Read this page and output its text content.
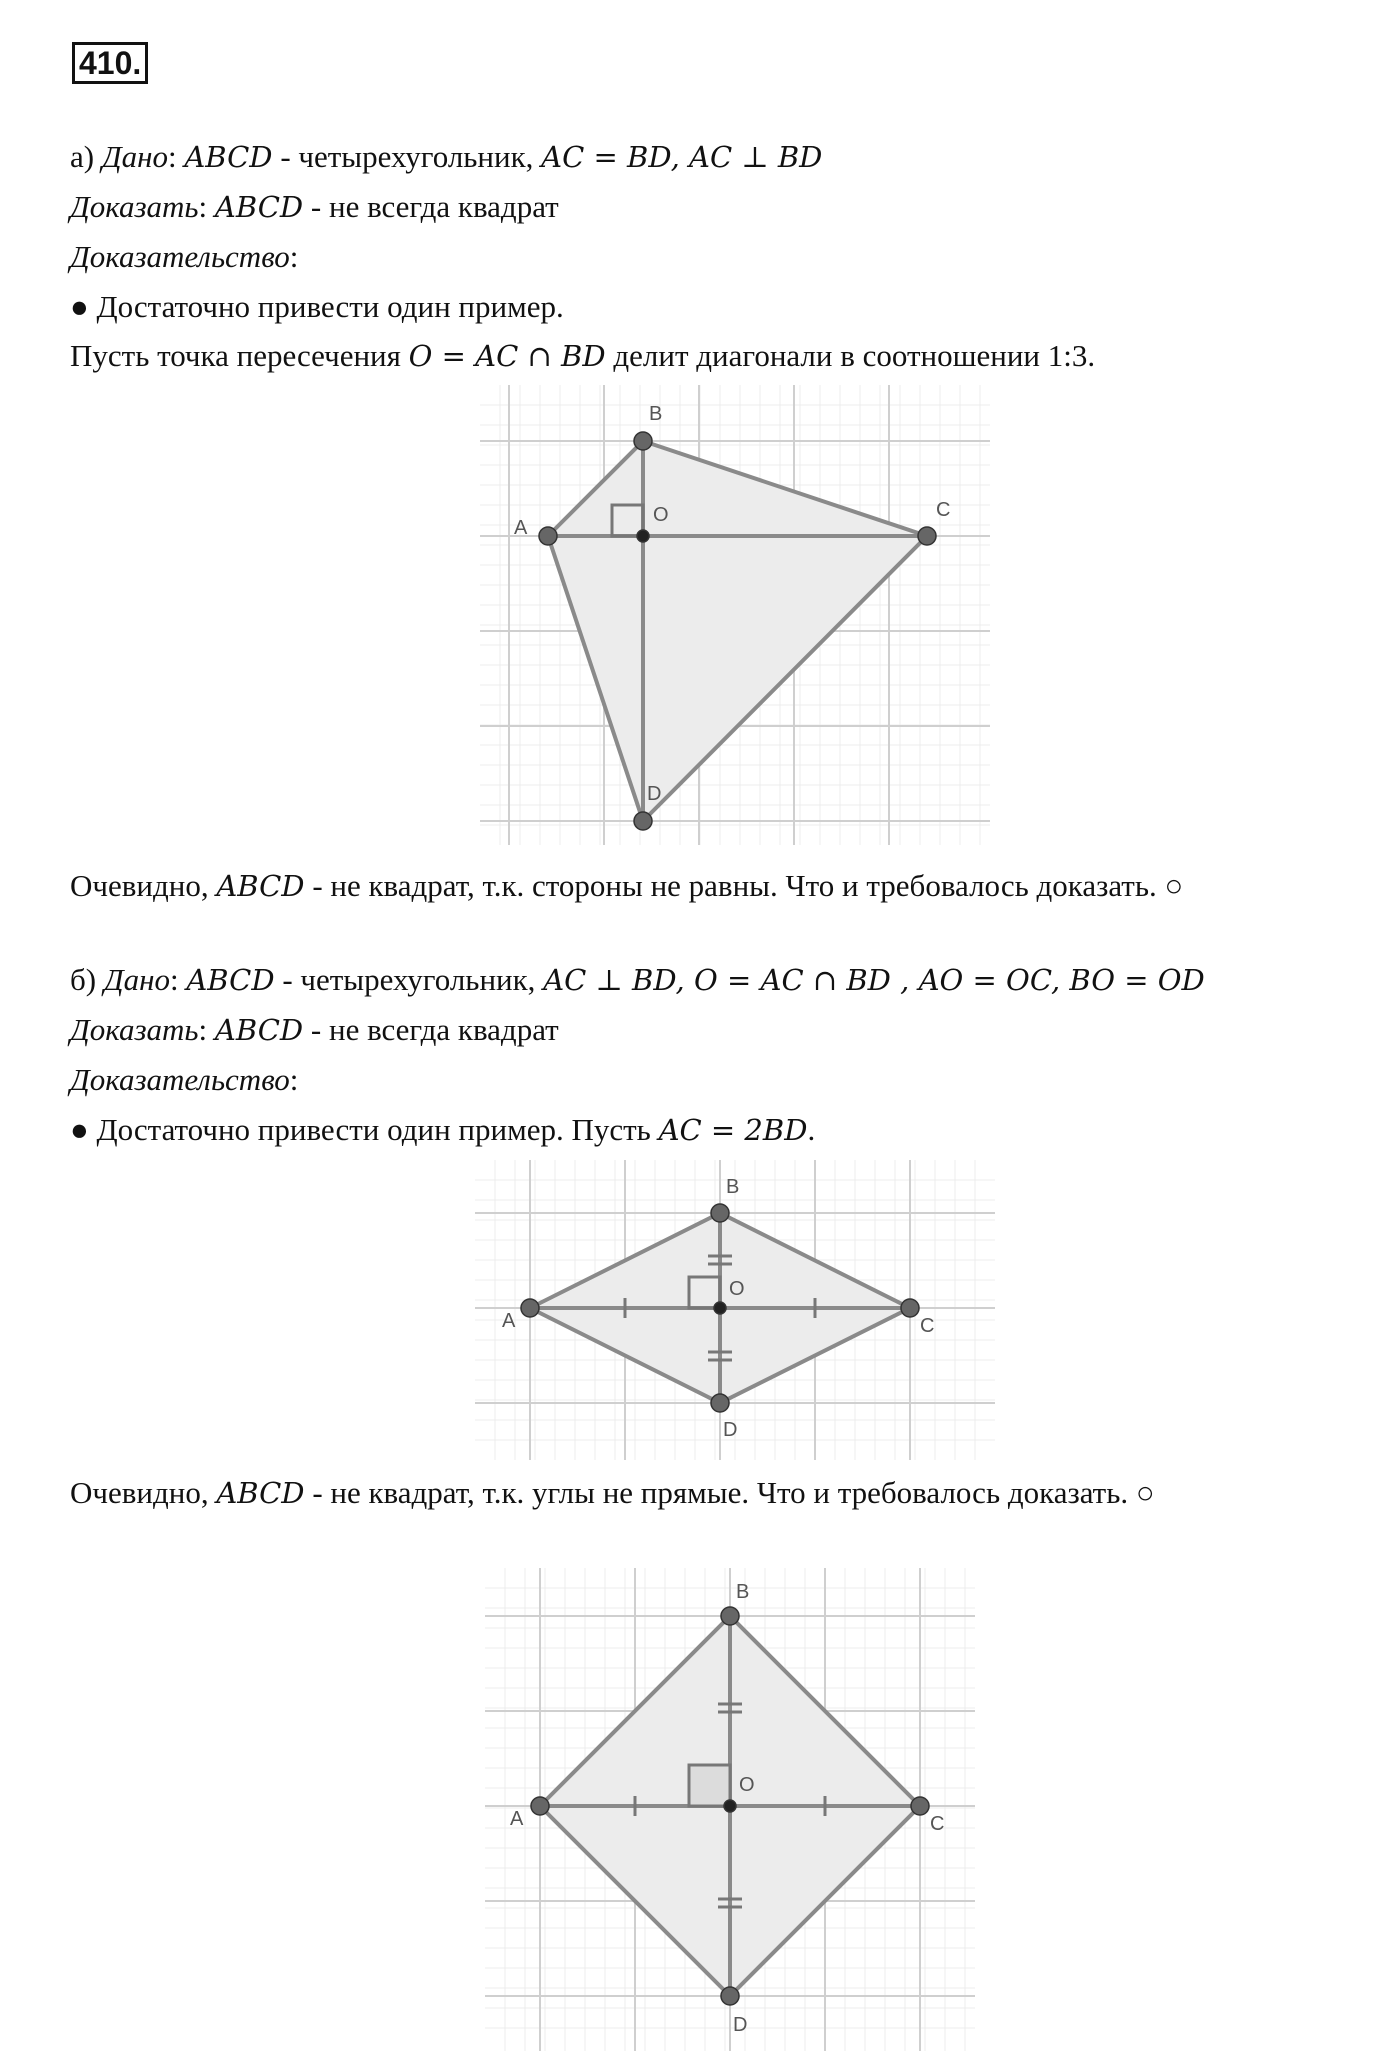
410.
а) Дано: ABCD - четырехугольник, AC = BD, AC ⊥ BD
Доказать: ABCD - не всегда квадрат
Доказательство:
● Достаточно привести один пример.
Пусть точка пересечения O = AC ∩ BD делит диагонали в соотношении 1:3.
A
B
C
D
O
Очевидно, ABCD - не квадрат, т.к. стороны не равны. Что и требовалось доказать. ○
б) Дано: ABCD - четырехугольник, AC ⊥ BD, O = AC ∩ BD , AO = OC, BO = OD
Доказать: ABCD - не всегда квадрат
Доказательство:
● Достаточно привести один пример. Пусть AC = 2BD.
A
B
C
D
O
Очевидно, ABCD - не квадрат, т.к. углы не прямые. Что и требовалось доказать. ○
A
B
C
D
O
